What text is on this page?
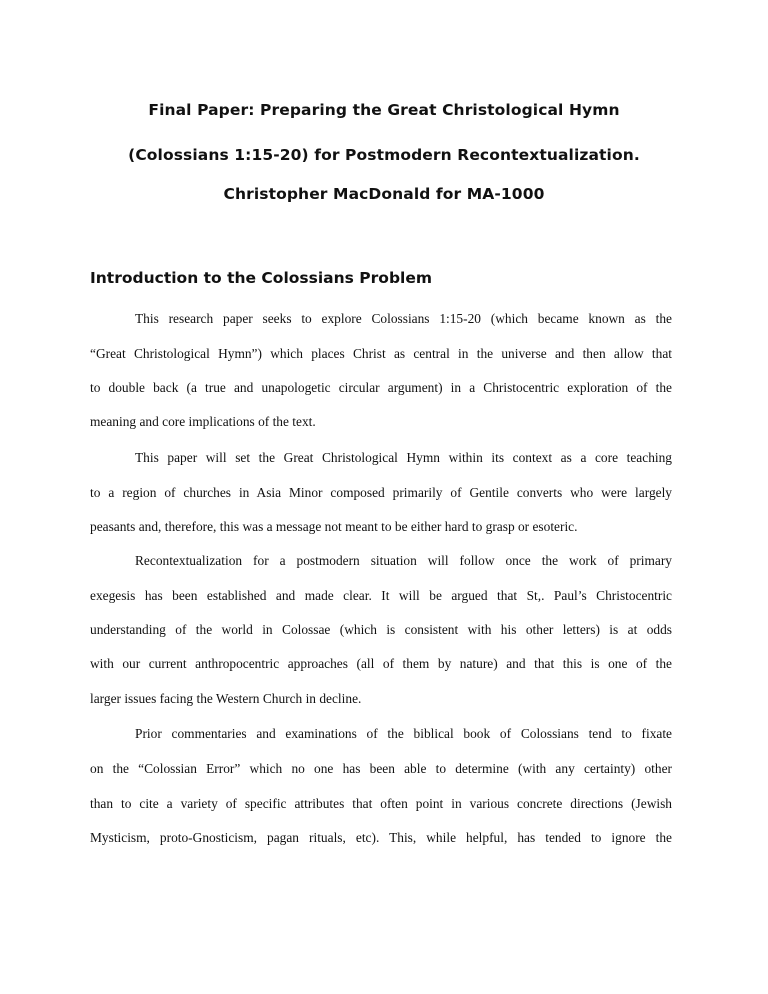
Final Paper: Preparing the Great Christological Hymn
(Colossians 1:15-20) for Postmodern Recontextualization.
Christopher MacDonald for MA-1000
Introduction to the Colossians Problem
This research paper seeks to explore Colossians 1:15-20 (which became known as the
“Great Christological Hymn”) which places Christ as central in the universe and then allow that
to double back (a true and unapologetic circular argument) in a Christocentric exploration of the
meaning and core implications of the text.
This paper will set the Great Christological Hymn within its context as a core teaching
to a region of churches in Asia Minor composed primarily of Gentile converts who were largely
peasants and, therefore, this was a message not meant to be either hard to grasp or esoteric.
Recontextualization for a postmodern situation will follow once the work of primary
exegesis has been established and made clear. It will be argued that St,. Paul’s Christocentric
understanding of the world in Colossae (which is consistent with his other letters) is at odds
with our current anthropocentric approaches (all of them by nature) and that this is one of the
larger issues facing the Western Church in decline.
Prior commentaries and examinations of the biblical book of Colossians tend to fixate
on the “Colossian Error” which no one has been able to determine (with any certainty) other
than to cite a variety of specific attributes that often point in various concrete directions (Jewish
Mysticism, proto-Gnosticism, pagan rituals, etc). This, while helpful, has tended to ignore the
